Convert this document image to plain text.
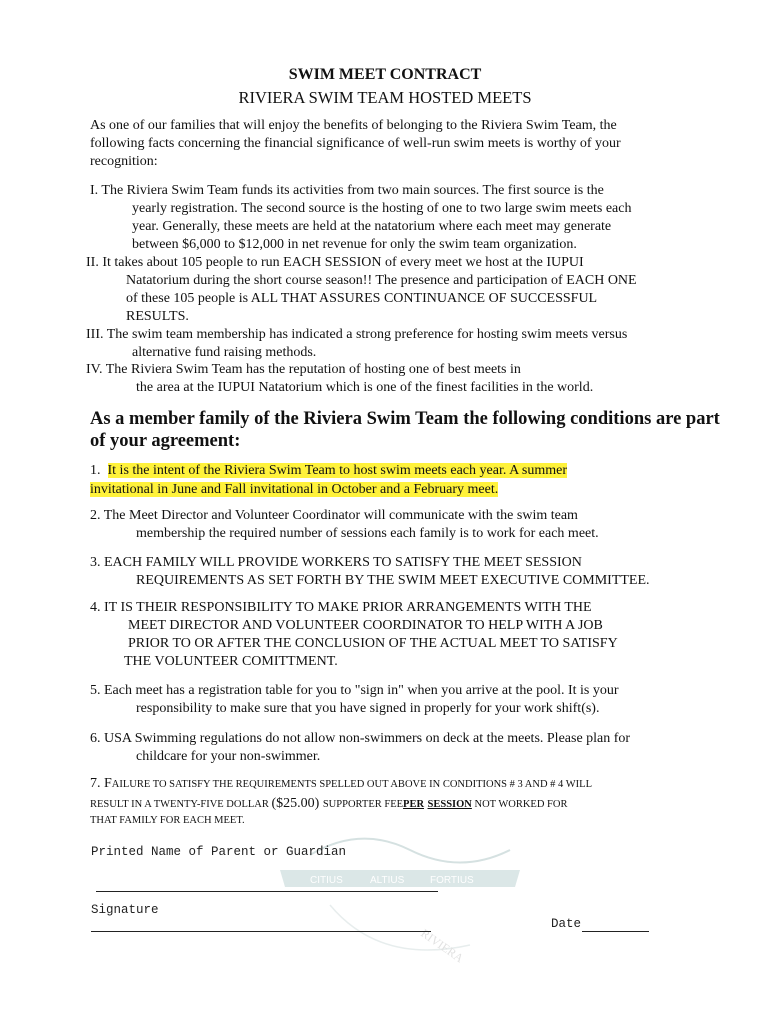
CITIUS	ALTIUS	FORTIUS
RIVIERA
SWIM MEET CONTRACT
RIVIERA SWIM TEAM HOSTED MEETS
As one of our families that will enjoy the benefits of belonging to the Riviera Swim Team, the
following facts concerning the financial significance of well-run swim meets is worthy of your
recognition:
I. The Riviera Swim Team funds its activities from two main sources. The first source is the
yearly registration. The second source is the hosting of one to two large swim meets each
year. Generally, these meets are held at the natatorium where each meet may generate
between $6,000 to $12,000 in net revenue for only the swim team organization.
II. It takes about 105 people to run EACH SESSION of every meet we host at the IUPUI
Natatorium during the short course season!! The presence and participation of EACH ONE
of these 105 people is ALL THAT ASSURES CONTINUANCE OF SUCCESSFUL
RESULTS.
III. The swim team membership has indicated a strong preference for hosting swim meets versus
alternative fund raising methods.
IV. The Riviera Swim Team has the reputation of hosting one of best meets in
the area at the IUPUI Natatorium which is one of the finest facilities in the world.
As a member family of the Riviera Swim Team the following conditions are part
of your agreement:
1. It is the intent of the Riviera Swim Team to host swim meets each year. A summer
invitational in June and Fall invitational in October and a February meet.
2. The Meet Director and Volunteer Coordinator will communicate with the swim team
membership the required number of sessions each family is to work for each meet.
3. EACH FAMILY WILL PROVIDE WORKERS TO SATISFY THE MEET SESSION
REQUIREMENTS AS SET FORTH BY THE SWIM MEET EXECUTIVE COMMITTEE.
4. IT IS THEIR RESPONSIBILITY TO MAKE PRIOR ARRANGEMENTS WITH THE
MEET DIRECTOR AND VOLUNTEER COORDINATOR TO HELP WITH A JOB
PRIOR TO OR AFTER THE CONCLUSION OF THE ACTUAL MEET TO SATISFY
THE VOLUNTEER COMITTMENT.
5. Each meet has a registration table for you to "sign in" when you arrive at the pool. It is your
responsibility to make sure that you have signed in properly for your work shift(s).
6. USA Swimming regulations do not allow non-swimmers on deck at the meets. Please plan for
childcare for your non-swimmer.
7. FAILURE TO SATISFY THE REQUIREMENTS SPELLED OUT ABOVE IN CONDITIONS # 3 AND # 4 WILL
RESULT IN A TWENTY-FIVE DOLLAR ($25.00) SUPPORTER FEEPER SESSION NOT WORKED FOR
THAT FAMILY FOR EACH MEET.
Printed Name of Parent or Guardian
Signature
Date
